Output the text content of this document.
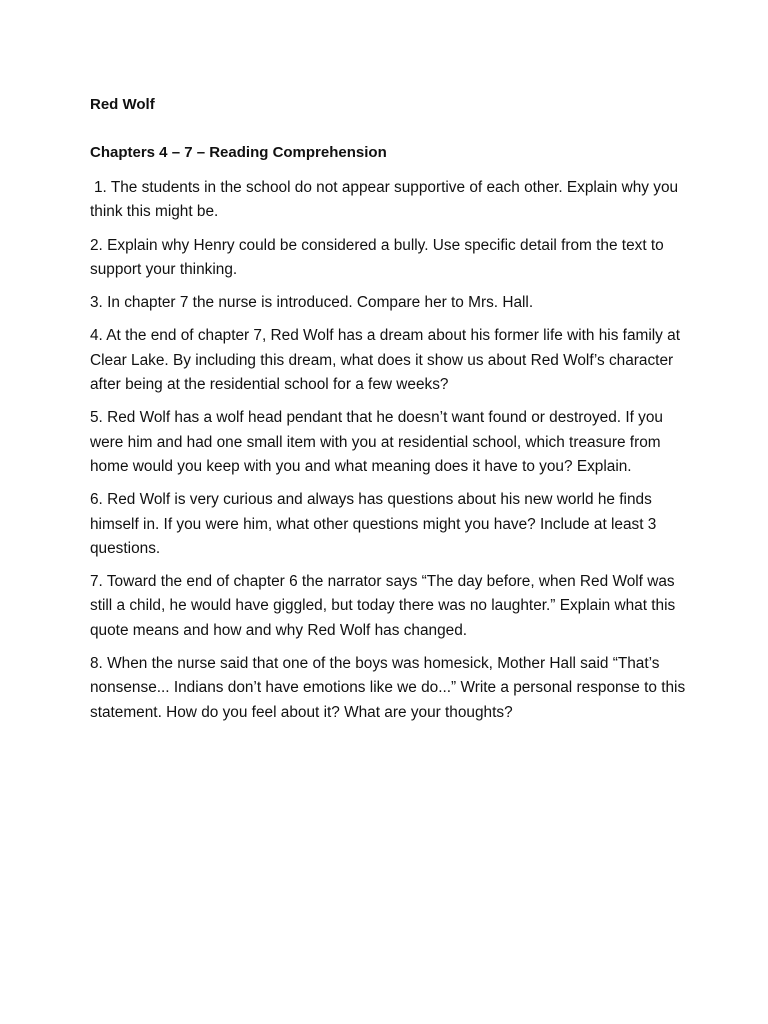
Red Wolf
Chapters 4 – 7 – Reading Comprehension

1. The students in the school do not appear supportive of each other. Explain why you think this might be.

2. Explain why Henry could be considered a bully. Use specific detail from the text to support your thinking.

3. In chapter 7 the nurse is introduced. Compare her to Mrs. Hall.

4. At the end of chapter 7, Red Wolf has a dream about his former life with his family at Clear Lake. By including this dream, what does it show us about Red Wolf’s character after being at the residential school for a few weeks?

5. Red Wolf has a wolf head pendant that he doesn’t want found or destroyed. If you were him and had one small item with you at residential school, which treasure from home would you keep with you and what meaning does it have to you? Explain.

6. Red Wolf is very curious and always has questions about his new world he finds himself in. If you were him, what other questions might you have? Include at least 3 questions.

7. Toward the end of chapter 6 the narrator says “The day before, when Red Wolf was still a child, he would have giggled, but today there was no laughter.” Explain what this quote means and how and why Red Wolf has changed.

8. When the nurse said that one of the boys was homesick, Mother Hall said “That’s nonsense... Indians don’t have emotions like we do...” Write a personal response to this statement. How do you feel about it? What are your thoughts?
